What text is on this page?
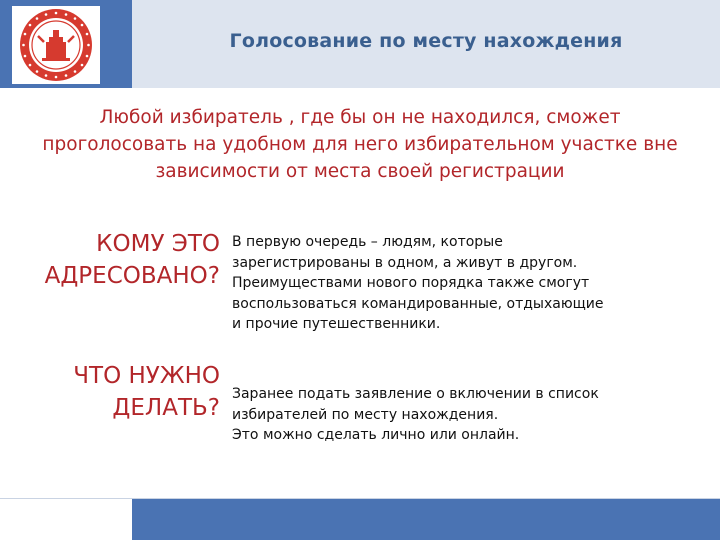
Голосование по месту нахождения
Любой избиратель , где бы он не находился, сможет проголосовать на удобном для него избирательном участке вне зависимости от места своей регистрации
КОМУ ЭТО
АДРЕСОВАНО?
В первую очередь – людям, которые
зарегистрированы в одном, а живут в другом.
Преимуществами нового порядка также смогут
воспользоваться командированные, отдыхающие
и прочие путешественники.
ЧТО НУЖНО
ДЕЛАТЬ?
Заранее подать заявление о включении в список
избирателей по месту нахождения.
Это можно сделать лично или онлайн.
